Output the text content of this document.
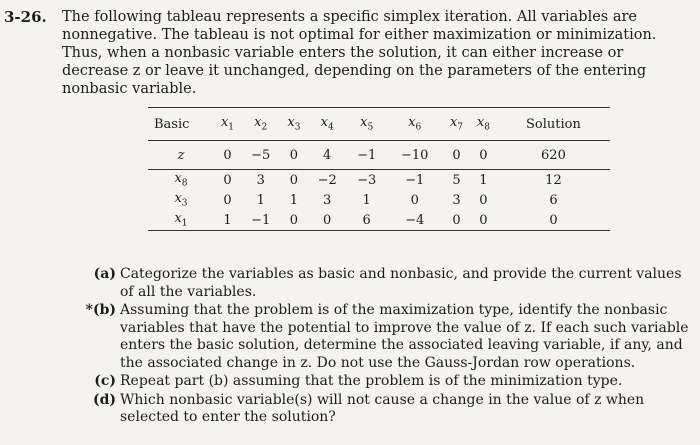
3-26. The following tableau represents a specific simplex iteration. All variables are nonnegative. The tableau is not optimal for either maximization or minimization. Thus, when a nonbasic variable enters the solution, it can either increase or decrease z or leave it unchanged, depending on the parameters of the entering nonbasic variable.
Basic	$x_1$	$x_2$	$x_3$	$x_4$	$x_5$	$x_6$	$x_7$	$x_8$	Solution
z	0	−5	0	4	−1	−10	0	0	620
$x_8$	0	3	0	−2	−3	−1	5	1	12
$x_3$	0	1	1	3	1	0	3	0	6
$x_1$	1	−1	0	0	6	−4	0	0	0
(a) Categorize the variables as basic and nonbasic, and provide the current values of all the variables.
*(b) Assuming that the problem is of the maximization type, identify the nonbasic variables that have the potential to improve the value of z. If each such variable enters the basic solution, determine the associated leaving variable, if any, and the associated change in z. Do not use the Gauss-Jordan row operations.
(c) Repeat part (b) assuming that the problem is of the minimization type.
(d) Which nonbasic variable(s) will not cause a change in the value of z when selected to enter the solution?
